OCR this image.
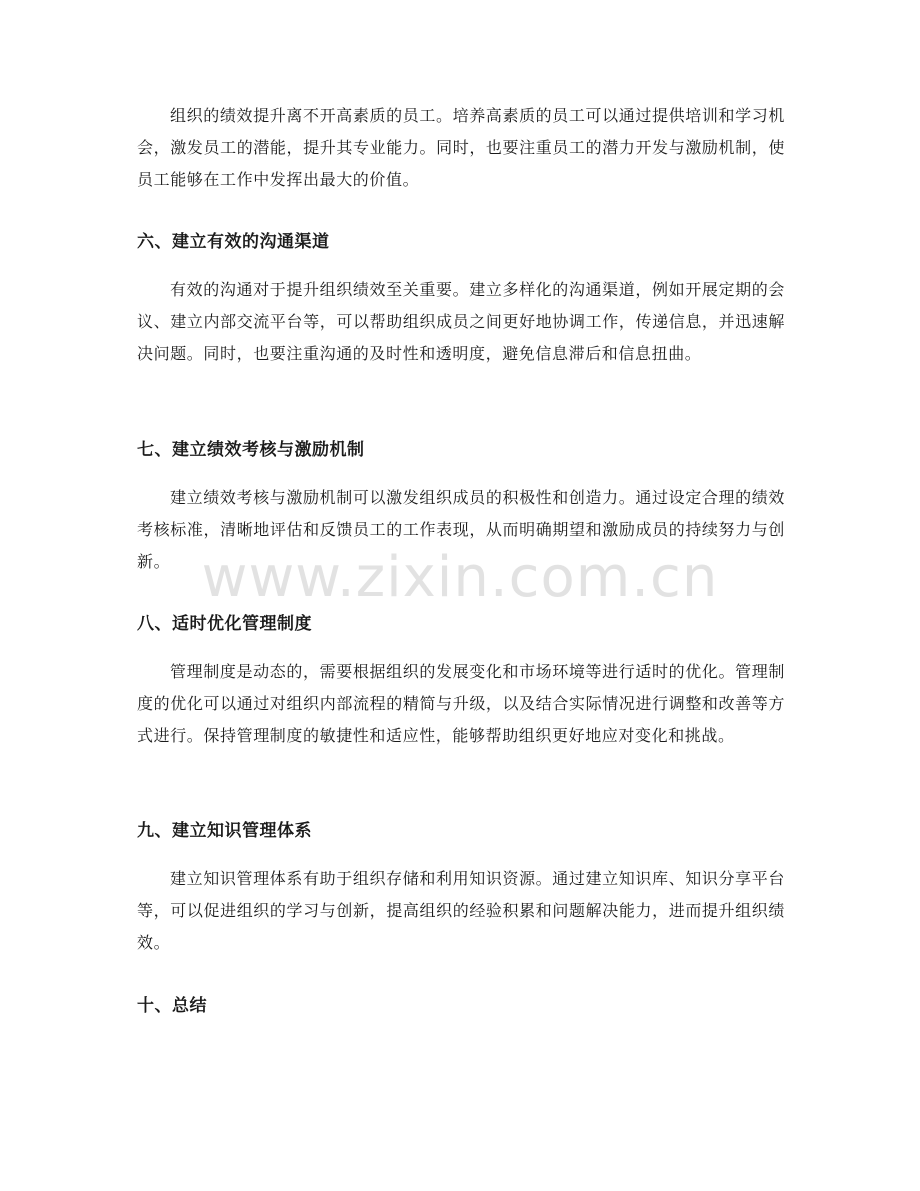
组织的绩效提升离不开高素质的员工。培养高素质的员工可以通过提供培训和学习机会，激发员工的潜能，提升其专业能力。同时，也要注重员工的潜力开发与激励机制，使员工能够在工作中发挥出最大的价值。

六、建立有效的沟通渠道

有效的沟通对于提升组织绩效至关重要。建立多样化的沟通渠道，例如开展定期的会议、建立内部交流平台等，可以帮助组织成员之间更好地协调工作，传递信息，并迅速解决问题。同时，也要注重沟通的及时性和透明度，避免信息滞后和信息扭曲。

七、建立绩效考核与激励机制

建立绩效考核与激励机制可以激发组织成员的积极性和创造力。通过设定合理的绩效考核标准，清晰地评估和反馈员工的工作表现，从而明确期望和激励成员的持续努力与创新。

八、适时优化管理制度

管理制度是动态的，需要根据组织的发展变化和市场环境等进行适时的优化。管理制度的优化可以通过对组织内部流程的精简与升级，以及结合实际情况进行调整和改善等方式进行。保持管理制度的敏捷性和适应性，能够帮助组织更好地应对变化和挑战。

九、建立知识管理体系

建立知识管理体系有助于组织存储和利用知识资源。通过建立知识库、知识分享平台等，可以促进组织的学习与创新，提高组织的经验积累和问题解决能力，进而提升组织绩效。

十、总结
www.zixin.com.cn
